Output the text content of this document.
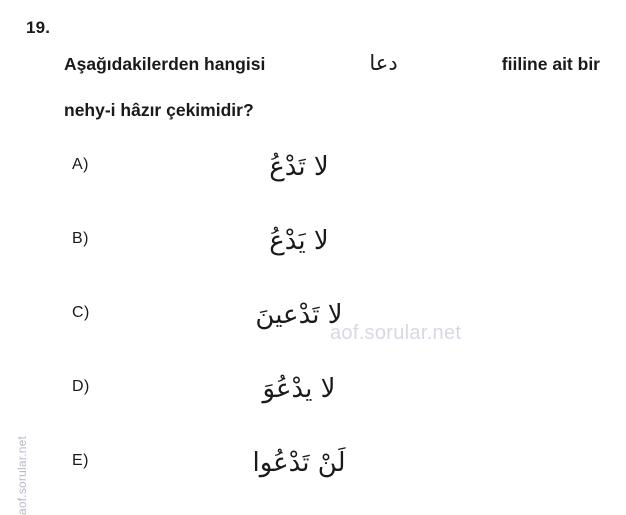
19.
Aşağıdakilerden hangisi	دعا	fiiline ait bir
nehy-i hâzır çekimidir?
A)	لا تَدْعُ
B)	لا يَدْعُ
C)	لا تَدْعينَ
D)	لا يدْعُوَ
E)	لَنْ تَدْعُوا
aof.sorular.net
aof.sorular.net
